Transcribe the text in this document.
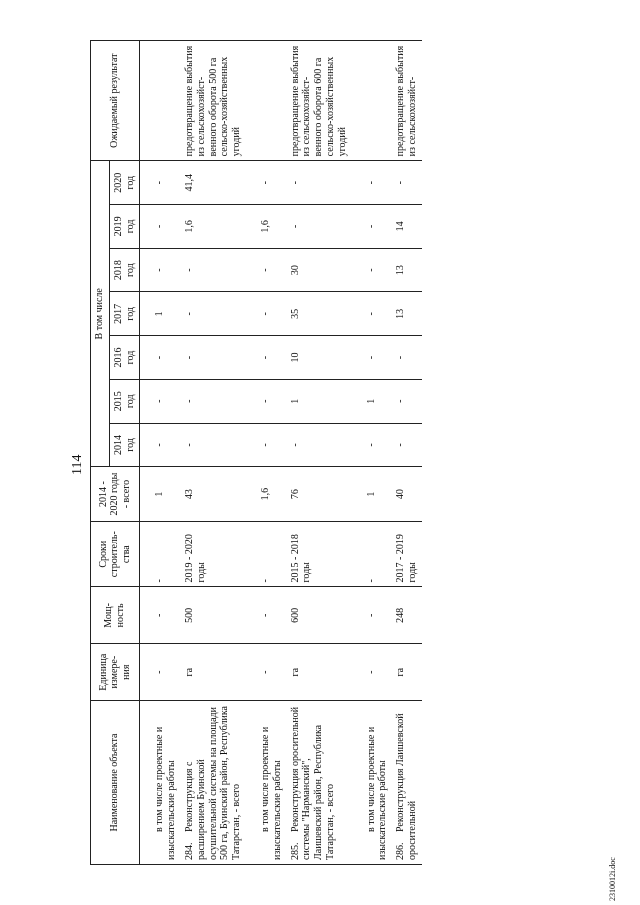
114
2310012i.doc
Наименование объекта	Единица измере-ния	Мощ-ность	Сроки строитель-ства	2014 - 2020 годы - всего	В том числе							Ожидаемый результат
					2014 год	2015 год	2016 год	2017 год	2018 год	2019 год	2020 год	
в том числе проектные и изыскательские работы	-	-	-	1	-	-	-	1	-	-	-	
284.Реконструкция с расширением Буинской осушительной системы на площади 500 га, Буинский район, Республика Татарстан, - всего	га	500	2019 - 2020 годы	43	-	-	-	-	-	1,6	41,4	предотвращение выбытия из сельскохозяйст-венного оборота 500 га сельско-хозяйственных угодий
в том числе проектные и изыскательские работы	-	-	-	1,6	-	-	-	-	-	1,6	-	
285.Реконструкция оросительной системы "Нарманский", Лаишевский район, Республика Татарстан, - всего	га	600	2015 - 2018 годы	76	-	1	10	35	30	-	-	предотвращение выбытия из сельскохозяйст-венного оборота 600 га сельско-хозяйственных угодий
в том числе проектные и изыскательские работы	-	-	-	1	-	1	-	-	-	-	-	
286.Реконструкция Лаишевской оросительной	га	248	2017 - 2019 годы	40	-	-	-	13	13	14	-	предотвращение выбытия из сельскохозяйст-
